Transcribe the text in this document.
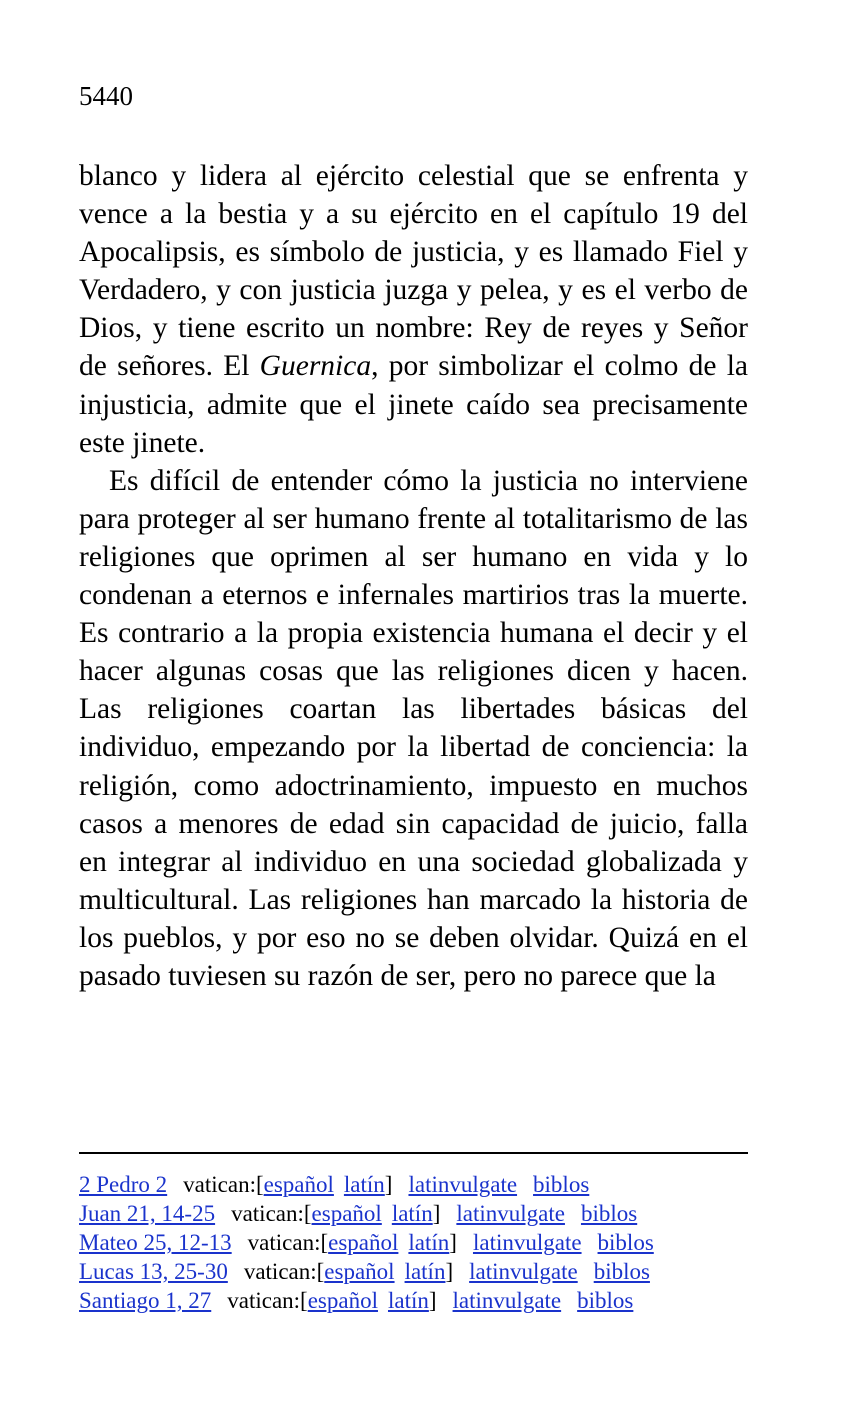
5440

blanco y lidera al ejército celestial que se enfrenta y vence a la bestia y a su ejército en el capítulo 19 del Apocalipsis, es símbolo de justicia, y es llamado Fiel y Verdadero, y con justicia juzga y pelea, y es el verbo de Dios, y tiene escrito un nombre: Rey de reyes y Señor de señores. El Guernica, por simbolizar el colmo de la injusticia, admite que el jinete caído sea precisamente este jinete.

Es difícil de entender cómo la justicia no interviene para proteger al ser humano frente al totalitarismo de las religiones que oprimen al ser humano en vida y lo condenan a eternos e infernales martirios tras la muerte. Es contrario a la propia existencia humana el decir y el hacer algunas cosas que las religiones dicen y hacen. Las religiones coartan las libertades básicas del individuo, empezando por la libertad de conciencia: la religión, como adoctrinamiento, impuesto en muchos casos a menores de edad sin capacidad de juicio, falla en integrar al individuo en una sociedad globalizada y multicultural. Las religiones han marcado la historia de los pueblos, y por eso no se deben olvidar. Quizá en el pasado tuviesen su razón de ser, pero no parece que la

2 Pedro 2 vatican:[español latín] latinvulgate biblos
Juan 21, 14-25 vatican:[español latín] latinvulgate biblos
Mateo 25, 12-13 vatican:[español latín] latinvulgate biblos
Lucas 13, 25-30 vatican:[español latín] latinvulgate biblos
Santiago 1, 27 vatican:[español latín] latinvulgate biblos
